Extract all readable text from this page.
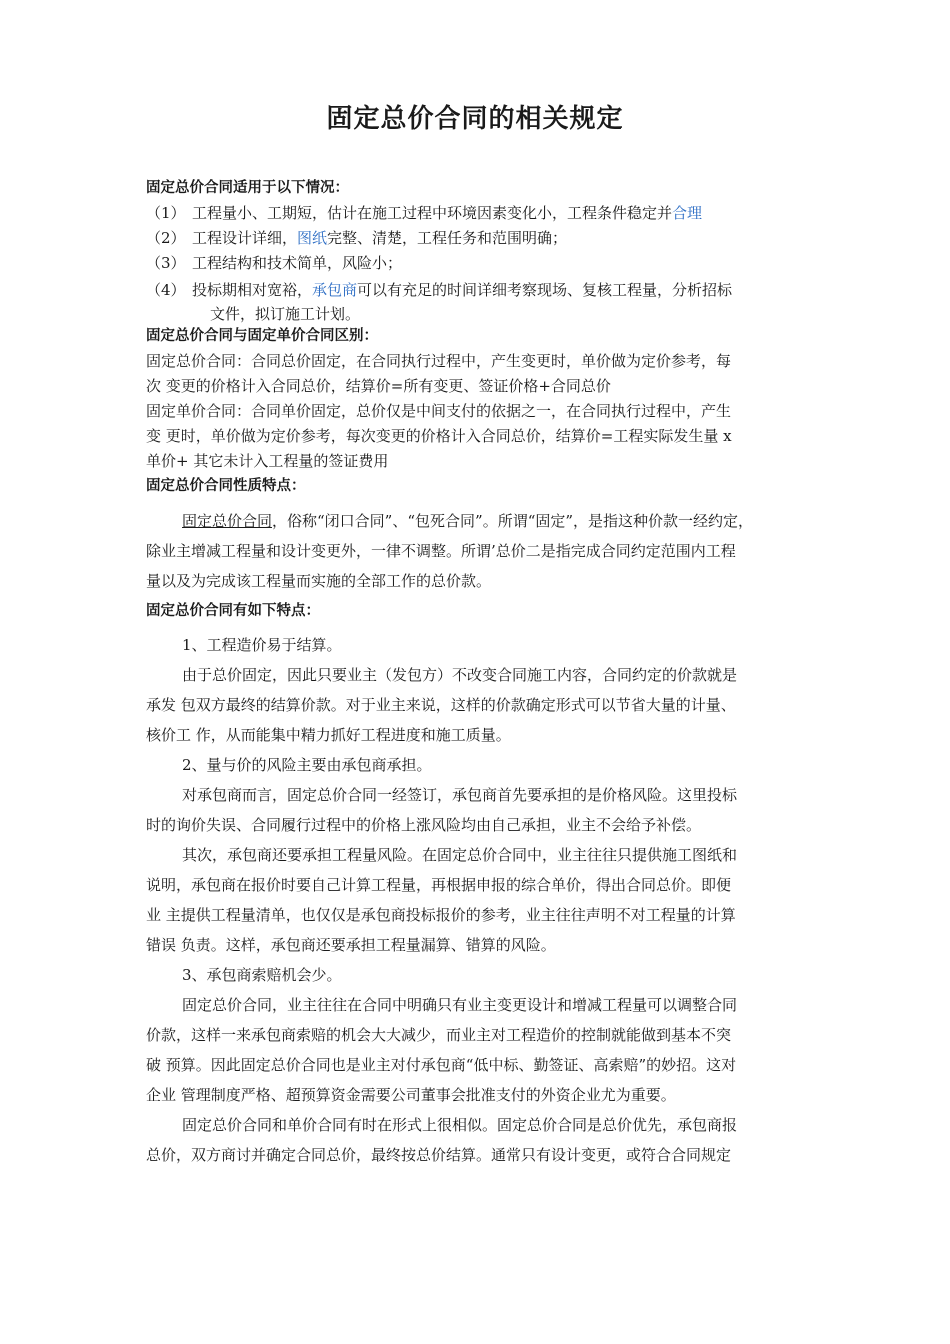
固定总价合同的相关规定
固定总价合同适用于以下情况：
（1） 工程量小、工期短，估计在施工过程中环境因素变化小，工程条件稳定并合理
（2） 工程设计详细，图纸完整、清楚，工程任务和范围明确；
（3） 工程结构和技术简单，风险小；
（4） 投标期相对宽裕，承包商可以有充足的时间详细考察现场、复核工程量，分析招标
文件，拟订施工计划。
固定总价合同与固定单价合同区别：
固定总价合同：合同总价固定，在合同执行过程中，产生变更时，单价做为定价参考，每
次 变更的价格计入合同总价，结算价=所有变更、签证价格+合同总价
固定单价合同：合同单价固定，总价仅是中间支付的依据之一，在合同执行过程中，产生
变 更时，单价做为定价参考，每次变更的价格计入合同总价，结算价=工程实际发生量 x
单价+ 其它未计入工程量的签证费用
固定总价合同性质特点：
固定总价合同，俗称“闭口合同”、“包死合同”。所谓“固定”，是指这种价款一经约定，
除业主增减工程量和设计变更外，一律不调整。所谓’总价二是指完成合同约定范围内工程
量以及为完成该工程量而实施的全部工作的总价款。
固定总价合同有如下特点：
1、工程造价易于结算。
由于总价固定，因此只要业主（发包方）不改变合同施工内容，合同约定的价款就是
承发 包双方最终的结算价款。对于业主来说，这样的价款确定形式可以节省大量的计量、
核价工 作，从而能集中精力抓好工程进度和施工质量。
2、量与价的风险主要由承包商承担。
对承包商而言，固定总价合同一经签订，承包商首先要承担的是价格风险。这里投标
时的询价失误、合同履行过程中的价格上涨风险均由自己承担，业主不会给予补偿。
其次，承包商还要承担工程量风险。在固定总价合同中，业主往往只提供施工图纸和
说明，承包商在报价时要自己计算工程量，再根据申报的综合单价，得出合同总价。即便
业 主提供工程量清单，也仅仅是承包商投标报价的参考，业主往往声明不对工程量的计算
错误 负责。这样，承包商还要承担工程量漏算、错算的风险。
3、承包商索赔机会少。
固定总价合同，业主往往在合同中明确只有业主变更设计和增减工程量可以调整合同
价款，这样一来承包商索赔的机会大大减少，而业主对工程造价的控制就能做到基本不突
破 预算。因此固定总价合同也是业主对付承包商“低中标、勤签证、高索赔”的妙招。这对
企业 管理制度严格、超预算资金需要公司董事会批准支付的外资企业尤为重要。
固定总价合同和单价合同有时在形式上很相似。固定总价合同是总价优先，承包商报
总价，双方商讨并确定合同总价，最终按总价结算。通常只有设计变更，或符合合同规定
